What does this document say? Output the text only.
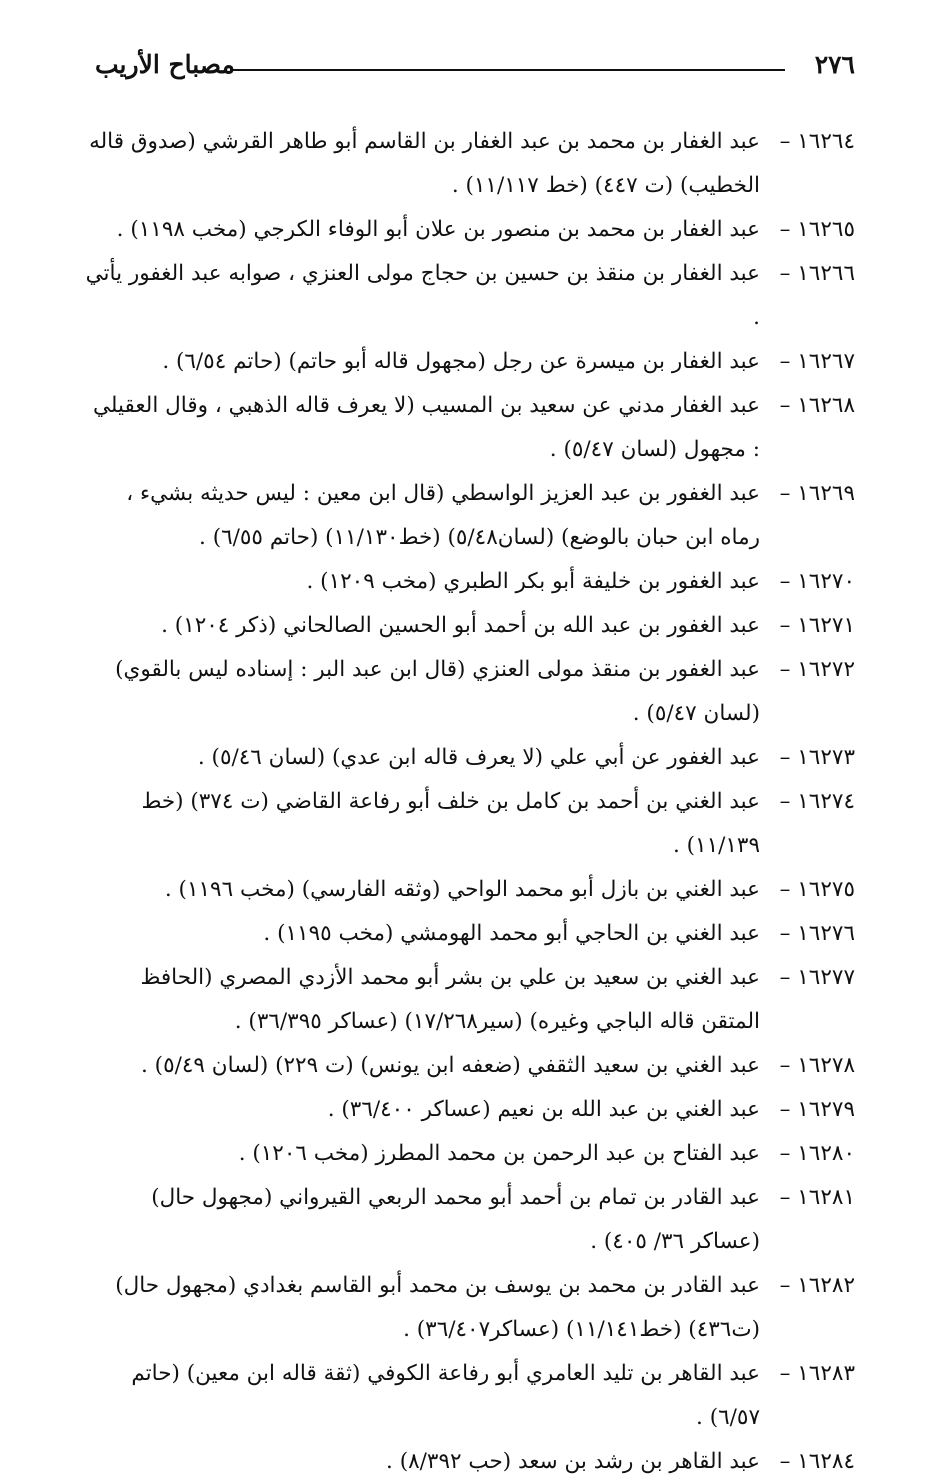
٢٧٦
مصباح الأريب

١٦٢٦٤ –
عبد الغفار بن محمد بن عبد الغفار بن القاسم أبو طاهر القرشي (صدوق قاله الخطيب) (ت ٤٤٧) (خط ١١/١١٧) .

١٦٢٦٥ –
عبد الغفار بن محمد بن منصور بن علان أبو الوفاء الكرجي (مخب ١١٩٨) .

١٦٢٦٦ –
عبد الغفار بن منقذ بن حسين بن حجاج مولى العنزي ، صوابه عبد الغفور يأتي .

١٦٢٦٧ –
عبد الغفار بن ميسرة عن رجل (مجهول قاله أبو حاتم) (حاتم ٦/٥٤) .

١٦٢٦٨ –
عبد الغفار مدني عن سعيد بن المسيب (لا يعرف قاله الذهبي ، وقال العقيلي : مجهول (لسان ٥/٤٧) .

١٦٢٦٩ –
عبد الغفور بن عبد العزيز الواسطي (قال ابن معين : ليس حديثه بشيء ، رماه ابن حبان بالوضع) (لسان٥/٤٨) (خط١١/١٣٠) (حاتم ٦/٥٥) .

١٦٢٧٠ –
عبد الغفور بن خليفة أبو بكر الطبري (مخب ١٢٠٩) .

١٦٢٧١ –
عبد الغفور بن عبد الله بن أحمد أبو الحسين الصالحاني (ذكر ١٢٠٤) .

١٦٢٧٢ –
عبد الغفور بن منقذ مولى العنزي (قال ابن عبد البر : إسناده ليس بالقوي) (لسان ٥/٤٧) .

١٦٢٧٣ –
عبد الغفور عن أبي علي (لا يعرف قاله ابن عدي) (لسان ٥/٤٦) .

١٦٢٧٤ –
عبد الغني بن أحمد بن كامل بن خلف أبو رفاعة القاضي (ت ٣٧٤) (خط ١١/١٣٩) .

١٦٢٧٥ –
عبد الغني بن بازل أبو محمد الواحي (وثقه الفارسي) (مخب ١١٩٦) .

١٦٢٧٦ –
عبد الغني بن الحاجي أبو محمد الهومشي (مخب ١١٩٥) .

١٦٢٧٧ –
عبد الغني بن سعيد بن علي بن بشر أبو محمد الأزدي المصري (الحافظ المتقن قاله الباجي وغيره) (سير١٧/٢٦٨) (عساكر ٣٦/٣٩٥) .

١٦٢٧٨ –
عبد الغني بن سعيد الثقفي (ضعفه ابن يونس) (ت ٢٢٩) (لسان ٥/٤٩) .

١٦٢٧٩ –
عبد الغني بن عبد الله بن نعيم (عساكر ٣٦/٤٠٠) .

١٦٢٨٠ –
عبد الفتاح بن عبد الرحمن بن محمد المطرز (مخب ١٢٠٦) .

١٦٢٨١ –
عبد القادر بن تمام بن أحمد أبو محمد الربعي القيرواني (مجهول حال) (عساكر ٣٦/ ٤٠٥) .

١٦٢٨٢ –
عبد القادر بن محمد بن يوسف بن محمد أبو القاسم بغدادي (مجهول حال) (ت٤٣٦) (خط١١/١٤١) (عساكر٣٦/٤٠٧) .

١٦٢٨٣ –
عبد القاهر بن تليد العامري أبو رفاعة الكوفي (ثقة قاله ابن معين) (حاتم ٦/٥٧) .

١٦٢٨٤ –
عبد القاهر بن رشد بن سعد (حب ٨/٣٩٢) .
